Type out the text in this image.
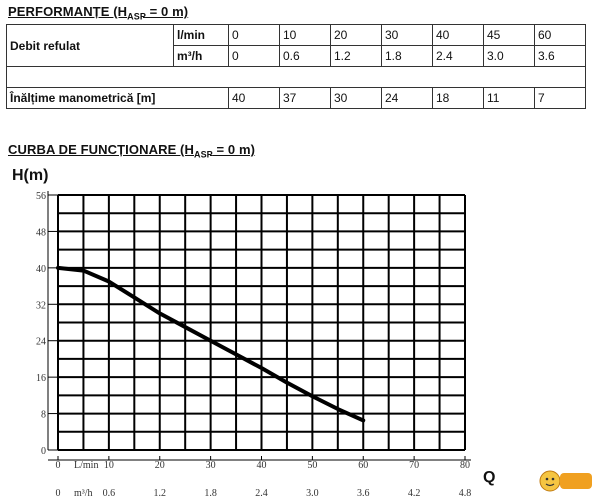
PERFORMANȚE ($H_{ASP} = 0$ m)
Debit refulat	l/min	0	10	20	30	40	45	60
	m³/h	0	0.6	1.2	1.8	2.4	3.0	3.6

Înălțime manometrică [m]		40	37	30	24	18	11	7
CURBA DE FUNCȚIONARE ($H_{ASP} = 0$ m)
0
8
16
24
32
40
48
56
H(m)
0
0
10
0.6
20
1.2
30
1.8
40
2.4
50
3.0
60
3.6
70
4.2
80
4.8
L/min
m³/h
Q
